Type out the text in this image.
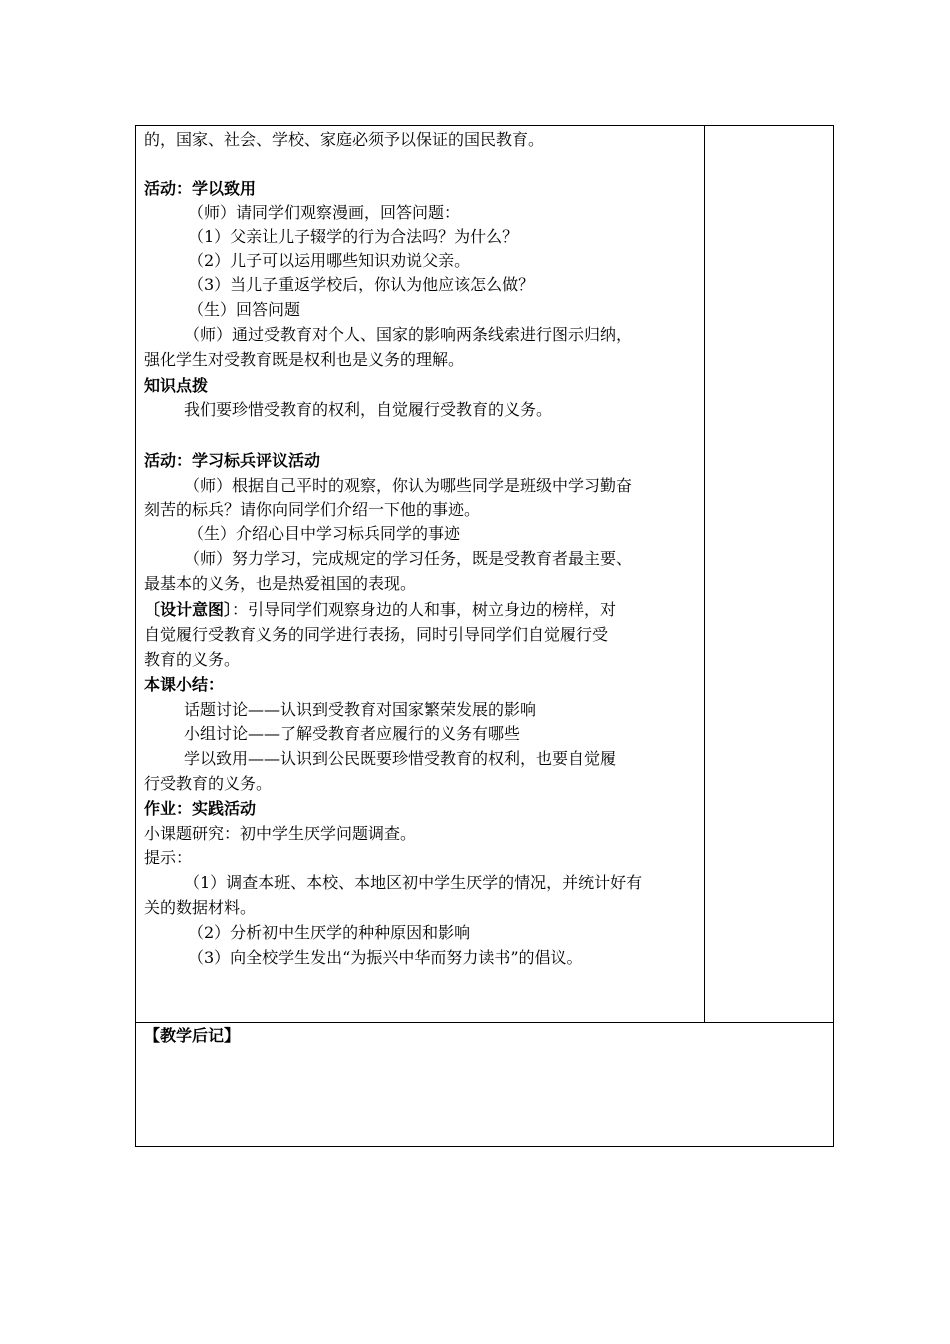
的，国家、社会、学校、家庭必须予以保证的国民教育。
活动：学以致用
（师）请同学们观察漫画，回答问题：
（1）父亲让儿子辍学的行为合法吗？为什么？
（2）儿子可以运用哪些知识劝说父亲。
（3）当儿子重返学校后，你认为他应该怎么做？
（生）回答问题
（师）通过受教育对个人、国家的影响两条线索进行图示归纳，
强化学生对受教育既是权利也是义务的理解。
知识点拨
我们要珍惜受教育的权利，自觉履行受教育的义务。
活动：学习标兵评议活动
（师）根据自己平时的观察，你认为哪些同学是班级中学习勤奋
刻苦的标兵？请你向同学们介绍一下他的事迹。
（生）介绍心目中学习标兵同学的事迹
（师）努力学习，完成规定的学习任务，既是受教育者最主要、
最基本的义务，也是热爱祖国的表现。
〔设计意图〕：引导同学们观察身边的人和事，树立身边的榜样，对
自觉履行受教育义务的同学进行表扬，同时引导同学们自觉履行受
教育的义务。
本课小结：
话题讨论——认识到受教育对国家繁荣发展的影响
小组讨论——了解受教育者应履行的义务有哪些
学以致用——认识到公民既要珍惜受教育的权利，也要自觉履
行受教育的义务。
作业：实践活动
小课题研究：初中学生厌学问题调查。
提示：
（1）调查本班、本校、本地区初中学生厌学的情况，并统计好有
关的数据材料。
（2）分析初中生厌学的种种原因和影响
（3）向全校学生发出“为振兴中华而努力读书”的倡议。
【教学后记】
